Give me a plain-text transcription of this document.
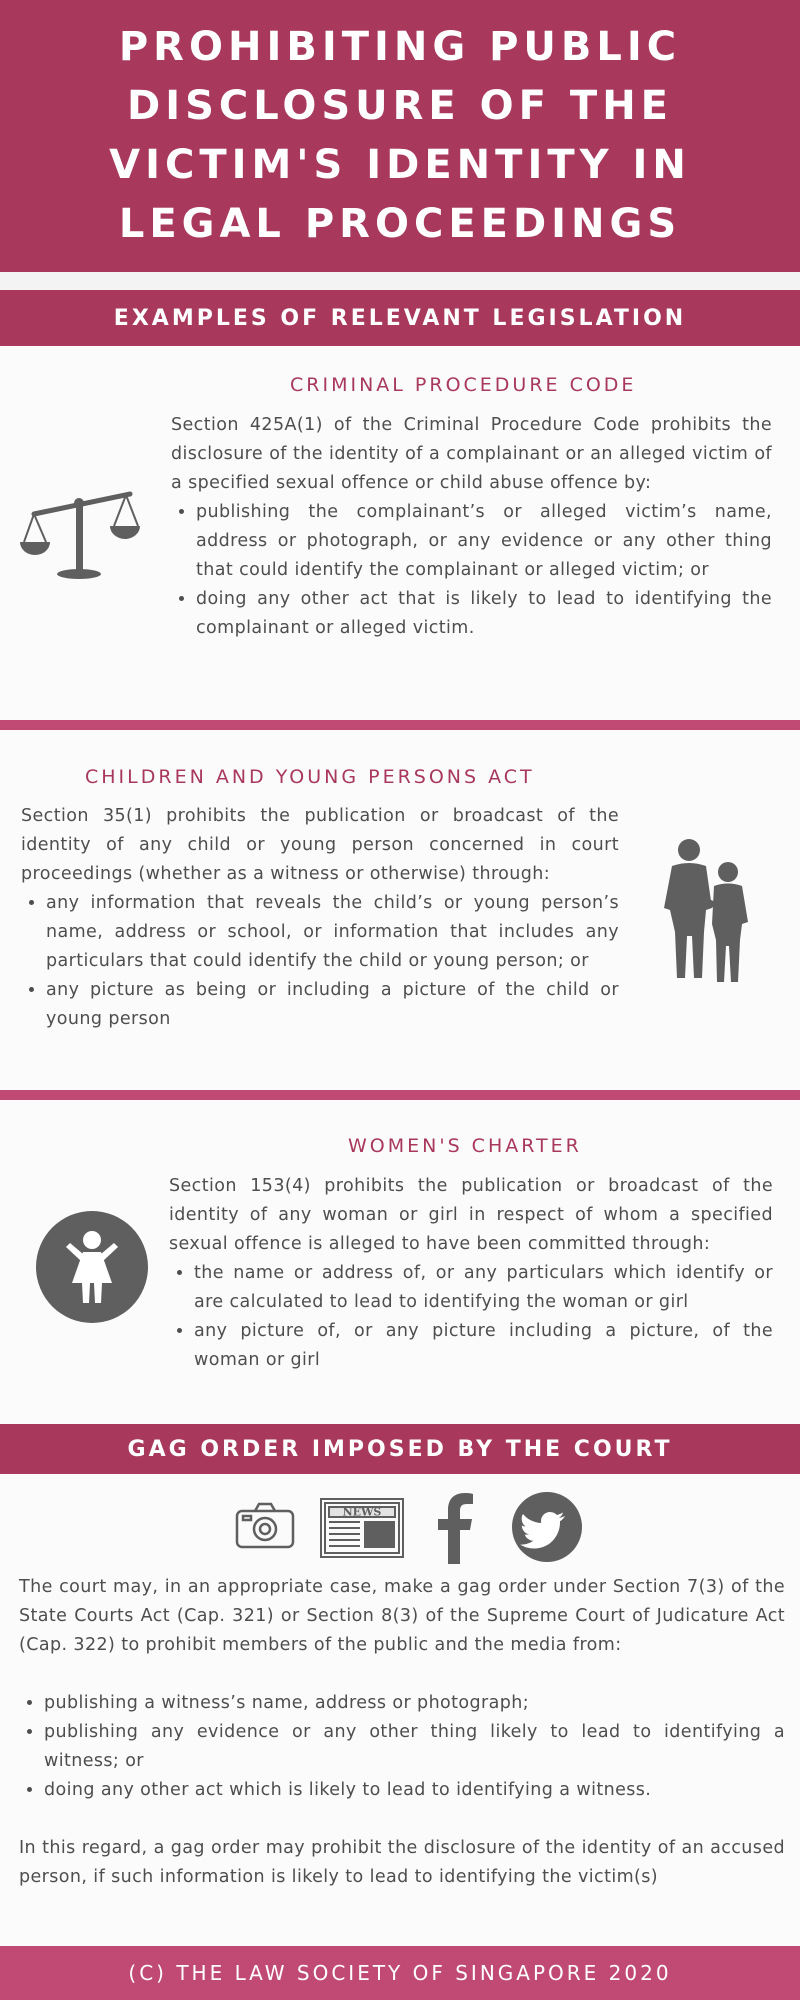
PROHIBITING PUBLIC DISCLOSURE OF THE VICTIM'S IDENTITY IN LEGAL PROCEEDINGS
EXAMPLES OF RELEVANT LEGISLATION
CRIMINAL PROCEDURE CODE

Section 425A(1) of the Criminal Procedure Code prohibits the disclosure of the identity of a complainant or an alleged victim of a specified sexual offence or child abuse offence by:

• publishing the complainant’s or alleged victim’s name, address or photograph, or any evidence or any other thing that could identify the complainant or alleged victim; or
• doing any other act that is likely to lead to identifying the complainant or alleged victim.
CHILDREN AND YOUNG PERSONS ACT

Section 35(1) prohibits the publication or broadcast of the identity of any child or young person concerned in court proceedings (whether as a witness or otherwise) through:

• any information that reveals the child’s or young person’s name, address or school, or information that includes any particulars that could identify the child or young person; or
• any picture as being or including a picture of the child or young person
WOMEN'S CHARTER

Section 153(4) prohibits the publication or broadcast of the identity of any woman or girl in respect of whom a specified sexual offence is alleged to have been committed through:

• the name or address of, or any particulars which identify or are calculated to lead to identifying the woman or girl
• any picture of, or any picture including a picture, of the woman or girl
GAG ORDER IMPOSED BY THE COURT
NEWS

The court may, in an appropriate case, make a gag order under Section 7(3) of the State Courts Act (Cap. 321) or Section 8(3) of the Supreme Court of Judicature Act (Cap. 322) to prohibit members of the public and the media from:

• publishing a witness’s name, address or photograph;
• publishing any evidence or any other thing likely to lead to identifying a witness; or
• doing any other act which is likely to lead to identifying a witness.

In this regard, a gag order may prohibit the disclosure of the identity of an accused person, if such information is likely to lead to identifying the victim(s)

(C) THE LAW SOCIETY OF SINGAPORE 2020
